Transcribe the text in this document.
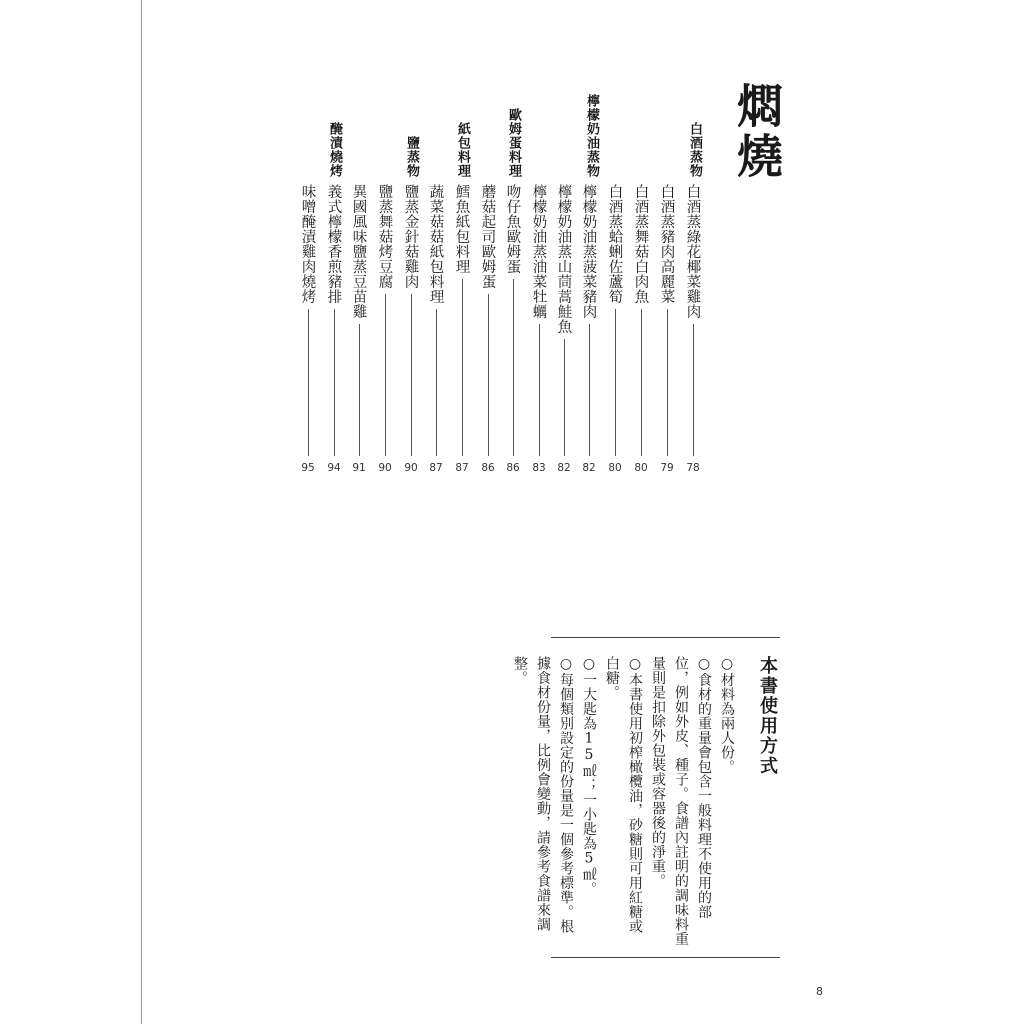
燜燒
白酒蒸物
檸檬奶油蒸物
歐姆蛋料理
紙包料理
鹽蒸物
醃漬燒烤
白酒蒸綠花椰菜雞肉
78
白酒蒸豬肉高麗菜
79
白酒蒸舞菇白肉魚
80
白酒蒸蛤蜊佐蘆筍
80
檸檬奶油蒸菠菜豬肉
82
檸檬奶油蒸山茼蒿鮭魚
82
檸檬奶油蒸油菜牡蠣
83
吻仔魚歐姆蛋
86
蘑菇起司歐姆蛋
86
鱈魚紙包料理
87
蔬菜菇菇紙包料理
87
鹽蒸金針菇雞肉
90
鹽蒸舞菇烤豆腐
90
異國風味鹽蒸豆苗雞
91
義式檸檬香煎豬排
94
味噌醃漬雞肉燒烤
95
本書使用方式
○材料為兩人份。
○食材的重量會包含一般料理不使用的部位，例如外皮、種子。食譜內註明的調味料重量則是扣除外包裝或容器後的淨重。
○本書使用初榨橄欖油，砂糖則可用紅糖或白糖。
○一大匙為15㎖；一小匙為5㎖。
○每個類別設定的份量是一個參考標準。根據食材份量，比例會變動，請參考食譜來調整。
8
